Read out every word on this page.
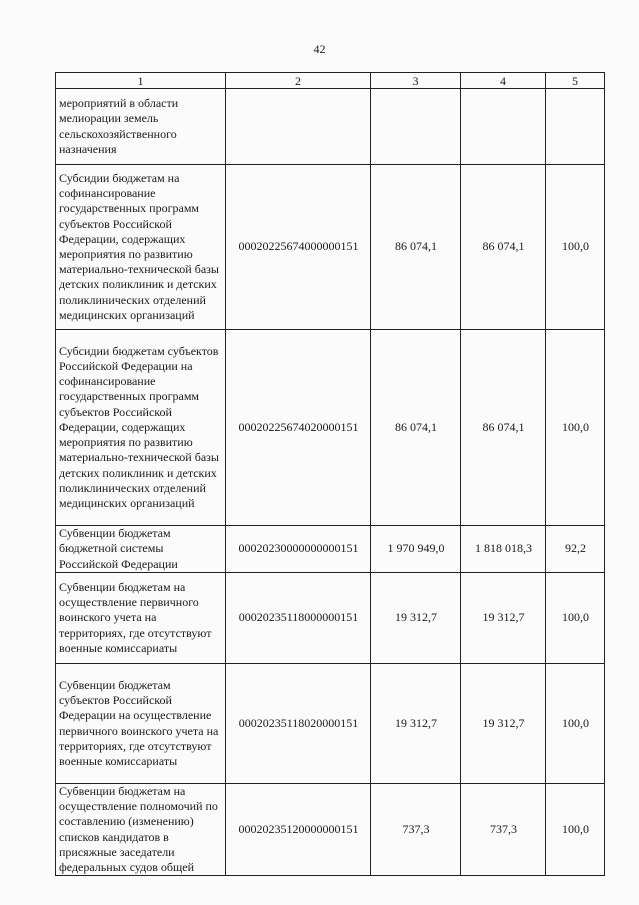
42
1	2	3	4	5
мероприятий в области мелиорации земель сельскохозяйственного назначения				
Субсидии бюджетам на софинансирование государственных программ субъектов Российской Федерации, содержащих мероприятия по развитию материально-технической базы детских поликлиник и детских поликлинических отделений медицинских организаций	00020225674000000151	86 074,1	86 074,1	100,0
Субсидии бюджетам субъектов Российской Федерации на софинансирование государственных программ субъектов Российской Федерации, содержащих мероприятия по развитию материально-технической базы детских поликлиник и детских поликлинических отделений медицинских организаций	00020225674020000151	86 074,1	86 074,1	100,0
Субвенции бюджетам бюджетной системы Российской Федерации	00020230000000000151	1 970 949,0	1 818 018,3	92,2
Субвенции бюджетам на осуществление первичного воинского учета на территориях, где отсутствуют военные комиссариаты	00020235118000000151	19 312,7	19 312,7	100,0
Субвенции бюджетам субъектов Российской Федерации на осуществление первичного воинского учета на территориях, где отсутствуют военные комиссариаты	00020235118020000151	19 312,7	19 312,7	100,0
Субвенции бюджетам на осуществление полномочий по составлению (изменению) списков кандидатов в присяжные заседатели федеральных судов общей	00020235120000000151	737,3	737,3	100,0
